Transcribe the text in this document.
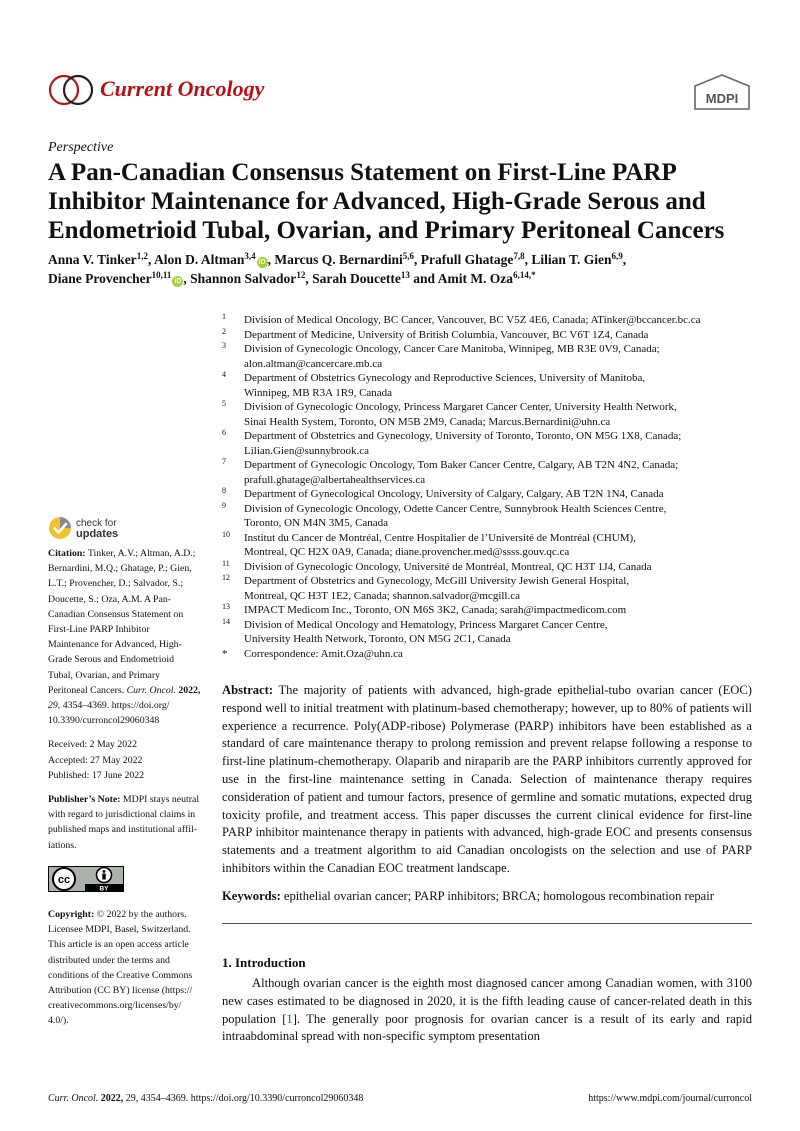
Current Oncology	MDPI
Perspective
A Pan-Canadian Consensus Statement on First-Line PARP
Inhibitor Maintenance for Advanced, High-Grade Serous and
Endometrioid Tubal, Ovarian, and Primary Peritoneal Cancers
Anna V. Tinker$^{1,2}$, Alon D. Altman$^{3,4}$iD , Marcus Q. Bernardini$^{5,6}$, Prafull Ghatage$^{7,8}$, Lilian T. Gien$^{6,9}$,
Diane Provencher$^{10,11}$iD , Shannon Salvador$^{12}$, Sarah Doucette$^{13}$ and Amit M. Oza$^{6,14,*}$
1 Division of Medical Oncology, BC Cancer, Vancouver, BC V5Z 4E6, Canada; ATinker@bccancer.bc.ca
2 Department of Medicine, University of British Columbia, Vancouver, BC V6T 1Z4, Canada
3 Division of Gynecologic Oncology, Cancer Care Manitoba, Winnipeg, MB R3E 0V9, Canada;
alon.altman@cancercare.mb.ca
4 Department of Obstetrics Gynecology and Reproductive Sciences, University of Manitoba,
Winnipeg, MB R3A 1R9, Canada
5 Division of Gynecologic Oncology, Princess Margaret Cancer Center, University Health Network,
Sinai Health System, Toronto, ON M5B 2M9, Canada; Marcus.Bernardini@uhn.ca
6 Department of Obstetrics and Gynecology, University of Toronto, Toronto, ON M5G 1X8, Canada;
Lilian.Gien@sunnybrook.ca
7 Department of Gynecologic Oncology, Tom Baker Cancer Centre, Calgary, AB T2N 4N2, Canada;
prafull.ghatage@albertahealthservices.ca
8 Department of Gynecological Oncology, University of Calgary, Calgary, AB T2N 1N4, Canada
9 Division of Gynecologic Oncology, Odette Cancer Centre, Sunnybrook Health Sciences Centre,
Toronto, ON M4N 3M5, Canada
10 Institut du Cancer de Montréal, Centre Hospitalier de l’Université de Montréal (CHUM),
Montreal, QC H2X 0A9, Canada; diane.provencher.med@ssss.gouv.qc.ca
11 Division of Gynecologic Oncology, Université de Montréal, Montreal, QC H3T 1J4, Canada
12 Department of Obstetrics and Gynecology, McGill University Jewish General Hospital,
Montreal, QC H3T 1E2, Canada; shannon.salvador@mcgill.ca
13 IMPACT Medicom Inc., Toronto, ON M6S 3K2, Canada; sarah@impactmedicom.com
14 Division of Medical Oncology and Hematology, Princess Margaret Cancer Centre,
University Health Network, Toronto, ON M5G 2C1, Canada
* Correspondence: Amit.Oza@uhn.ca
check for
updates
Citation: Tinker, A.V.; Altman, A.D.;
Bernardini, M.Q.; Ghatage, P.; Gien,
L.T.; Provencher, D.; Salvador, S.;
Doucette, S.; Oza, A.M. A Pan-
Canadian Consensus Statement on
First-Line PARP Inhibitor
Maintenance for Advanced, High-
Grade Serous and Endometrioid
Tubal, Ovarian, and Primary
Peritoneal Cancers. Curr. Oncol. 2022,
29, 4354–4369. https://doi.org/
10.3390/curroncol29060348
Received: 2 May 2022
Accepted: 27 May 2022
Published: 17 June 2022
Publisher’s Note: MDPI stays neutral
with regard to jurisdictional claims in
published maps and institutional affil-
iations.
cc
BY
Copyright: © 2022 by the authors.
Licensee MDPI, Basel, Switzerland.
This article is an open access article
distributed under the terms and
conditions of the Creative Commons
Attribution (CC BY) license (https://
creativecommons.org/licenses/by/
4.0/).
Abstract: The majority of patients with advanced, high-grade epithelial-tubo ovarian cancer (EOC) respond well to initial treatment with platinum-based chemotherapy; however, up to 80% of patients will experience a recurrence. Poly(ADP-ribose) Polymerase (PARP) inhibitors have been established as a standard of care maintenance therapy to prolong remission and prevent relapse following a response to first-line platinum-chemotherapy. Olaparib and niraparib are the PARP inhibitors currently approved for use in the first-line maintenance setting in Canada. Selection of maintenance therapy requires consideration of patient and tumour factors, presence of germline and somatic mutations, expected drug toxicity profile, and treatment access. This paper discusses the current clinical evidence for first-line PARP inhibitor maintenance therapy in patients with advanced, high-grade EOC and presents consensus statements and a treatment algorithm to aid Canadian oncologists on the selection and use of PARP inhibitors within the Canadian EOC treatment landscape.
Keywords: epithelial ovarian cancer; PARP inhibitors; BRCA; homologous recombination repair
1. Introduction
Although ovarian cancer is the eighth most diagnosed cancer among Canadian women, with 3100 new cases estimated to be diagnosed in 2020, it is the fifth leading cause of cancer-related death in this population [1]. The generally poor prognosis for ovarian cancer is a result of its early and rapid intraabdominal spread with non-specific symptom presentation
Curr. Oncol. 2022, 29, 4354–4369. https://doi.org/10.3390/curroncol29060348	https://www.mdpi.com/journal/curroncol
